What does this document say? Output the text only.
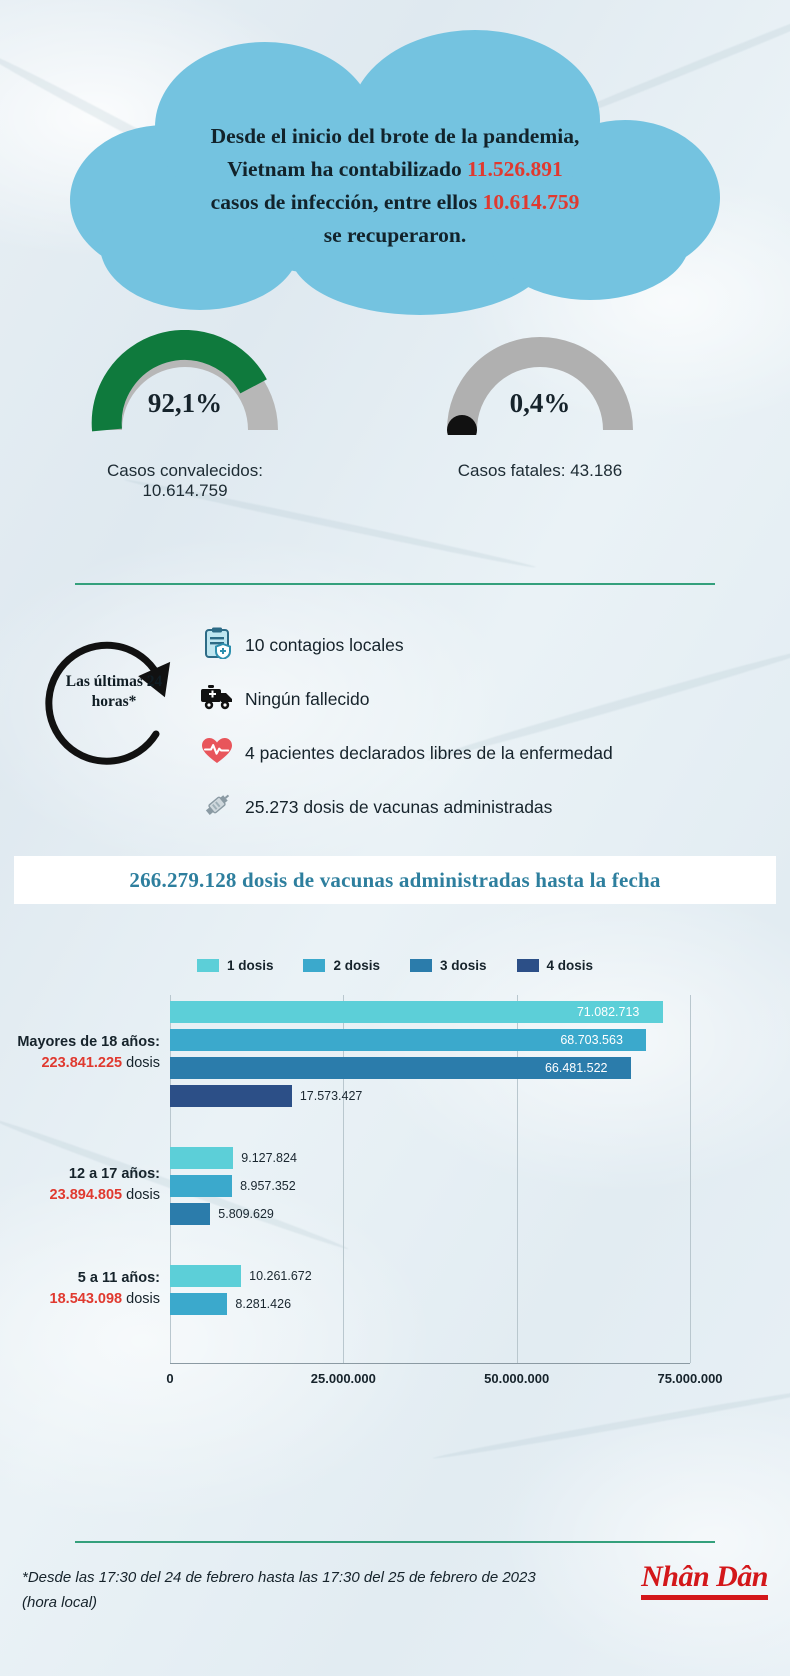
Desde el inicio del brote de la pandemia,
Vietnam ha contabilizado 11.526.891
casos de infección, entre ellos 10.614.759
se recuperaron.
92,1%
Casos convalecidos: 10.614.759
0,4%
Casos fatales: 43.186
Las últimas 24 horas*
10 contagios locales
Ningún fallecido
4 pacientes declarados libres de la enfermedad
25.273 dosis de vacunas administradas
266.279.128 dosis de vacunas administradas hasta la fecha
1 dosis	2 dosis	3 dosis	4 dosis
71.082.713
68.703.563
66.481.522
17.573.427
9.127.824
8.957.352
5.809.629
10.261.672
8.281.426
0	25.000.000	50.000.000	75.000.000
Mayores de 18 años:
223.841.225 dosis
12 a 17 años:
23.894.805 dosis
5 a 11 años:
18.543.098 dosis
*Desde las 17:30 del 24 de febrero hasta las 17:30 del 25 de febrero de 2023 (hora local)
Nhân Dân
